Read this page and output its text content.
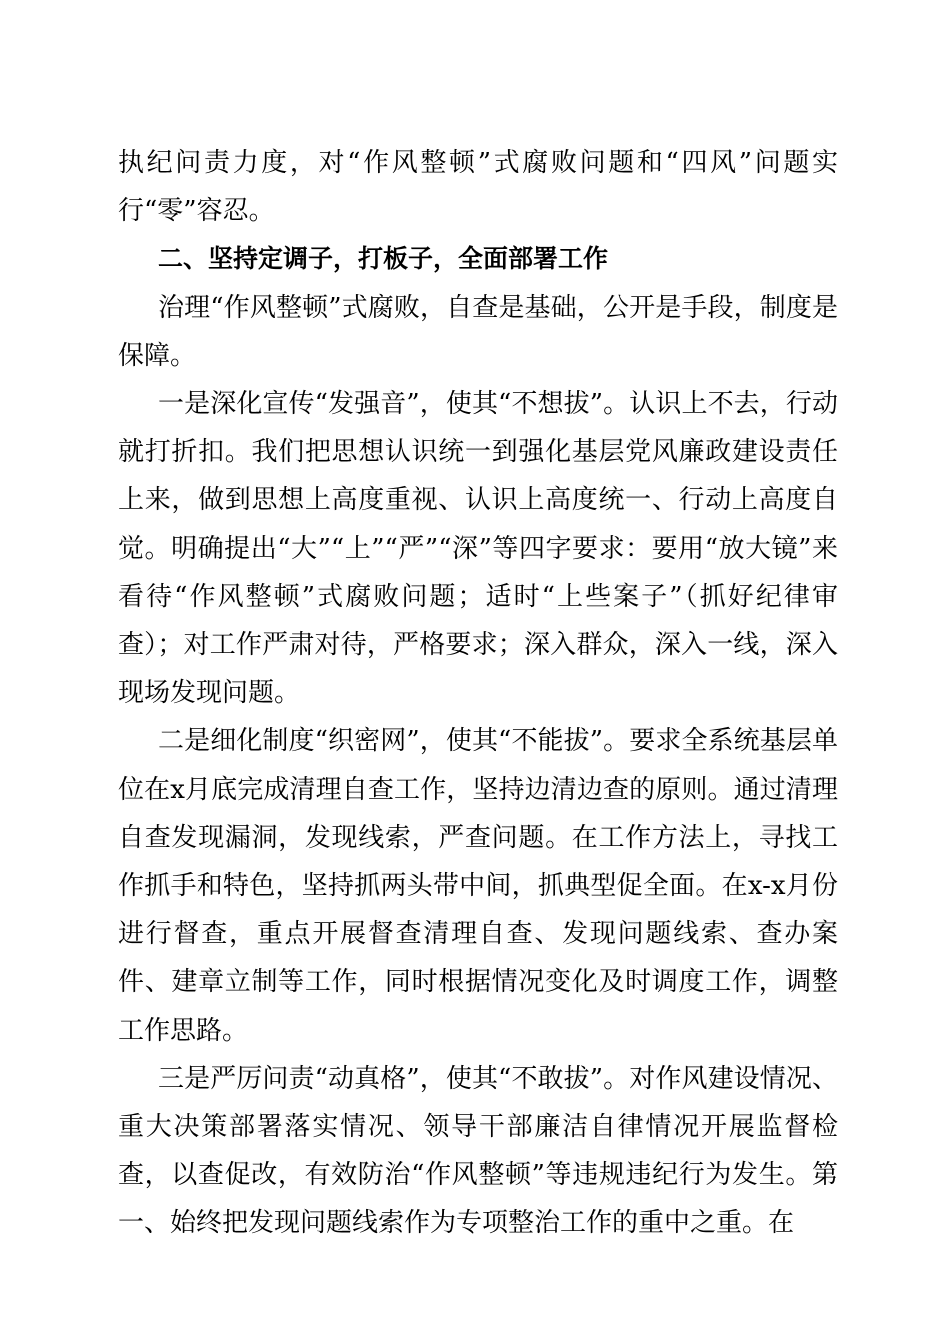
执纪问责力度，对“作风整顿”式腐败问题和“四风”问题实行“零”容忍。

二、坚持定调子，打板子，全面部署工作

治理“作风整顿”式腐败，自查是基础，公开是手段，制度是保障。

一是深化宣传“发强音”，使其“不想拔”。认识上不去，行动就打折扣。我们把思想认识统一到强化基层党风廉政建设责任上来，做到思想上高度重视、认识上高度统一、行动上高度自觉。明确提出“大”“上”“严”“深”等四字要求：要用“放大镜”来看待“作风整顿”式腐败问题；适时“上些案子”（抓好纪律审查）；对工作严肃对待，严格要求；深入群众，深入一线，深入现场发现问题。

二是细化制度“织密网”，使其“不能拔”。要求全系统基层单位在x月底完成清理自查工作，坚持边清边查的原则。通过清理自查发现漏洞，发现线索，严查问题。在工作方法上，寻找工作抓手和特色，坚持抓两头带中间，抓典型促全面。在x-x月份进行督查，重点开展督查清理自查、发现问题线索、查办案件、建章立制等工作，同时根据情况变化及时调度工作，调整工作思路。

三是严厉问责“动真格”，使其“不敢拔”。对作风建设情况、重大决策部署落实情况、领导干部廉洁自律情况开展监督检查，以查促改，有效防治“作风整顿”等违规违纪行为发生。第一、始终把发现问题线索作为专项整治工作的重中之重。在
